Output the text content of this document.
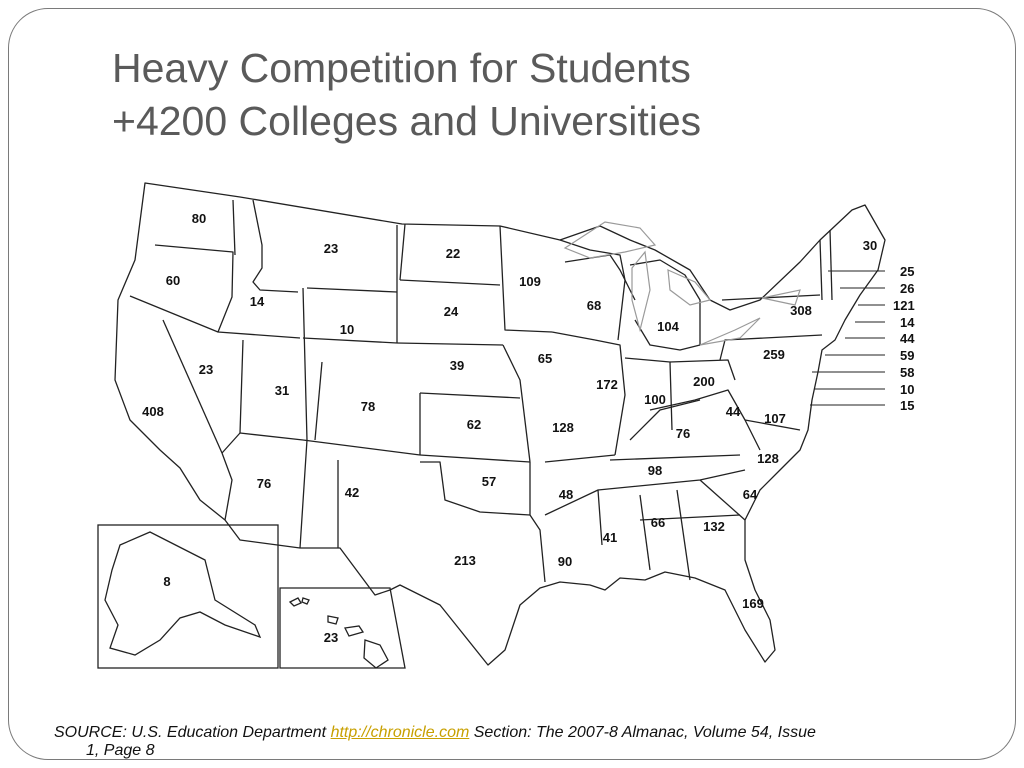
Heavy Competition for Students
+4200 Colleges and Universities
80
60
408
14
23
23
10
31
76
78
42
22
24
39
62
57
213
109
65
128
48
90
68
172
104
100
200
76
98
41
66	132
169
64
128
107
44
259
308
30
8
23
25
26
121
14
44
59
58
10
15
SOURCE: U.S. Education Department http://chronicle.com Section: The 2007-8 Almanac, Volume 54, Issue
1, Page 8
